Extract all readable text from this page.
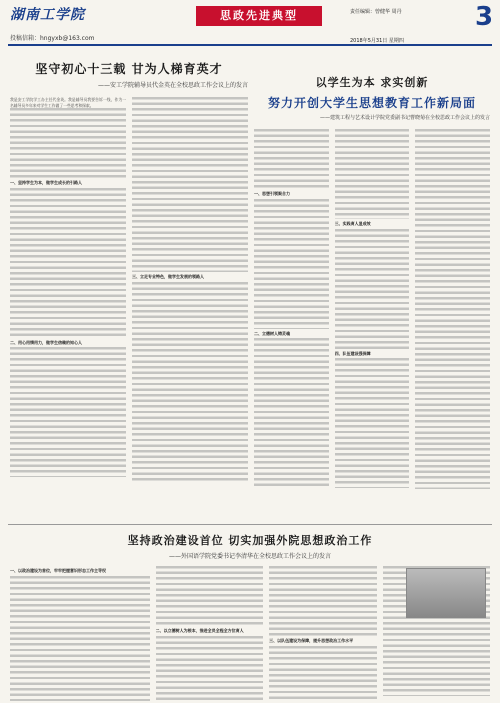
湖南工学院
投稿信箱：hngyxb@163.com
思政先进典型	责任编辑：曾健华 周丹
2018年5月31日 星期四
3
坚守初心十三载 甘为人梯育英才
——安工学院辅导员代金英在全校思政工作会议上的发言
我是安工学院学工办主任代金英。我是辅导员我要告诉一线，作为一名辅导员多年来对学生工作做了一些思考和探索。
一、坚持学生为本，做学生成长的引路人
二、用心用情用力，做学生信赖的知心人
三、立足专业特色，做学生发展的领路人
以学生为本 求实创新
努力开创大学生思想教育工作新局面
——建筑工程与艺术设计学院党委副书记曹晓菊在全校思政工作会议上的发言
一、思想引领聚合力
二、立德树人铸灵魂
三、实践育人显成效
四、队伍建设强保障
坚持政治建设首位 切实加强外院思想政治工作
——外国语学院党委书记李清华在全校思政工作会议上的发言
一、以政治建设为首位，牢牢把握意识形态工作主导权
二、以立德树人为根本，推进全员全程全方位育人
三、以队伍建设为保障，提升思想政治工作水平
